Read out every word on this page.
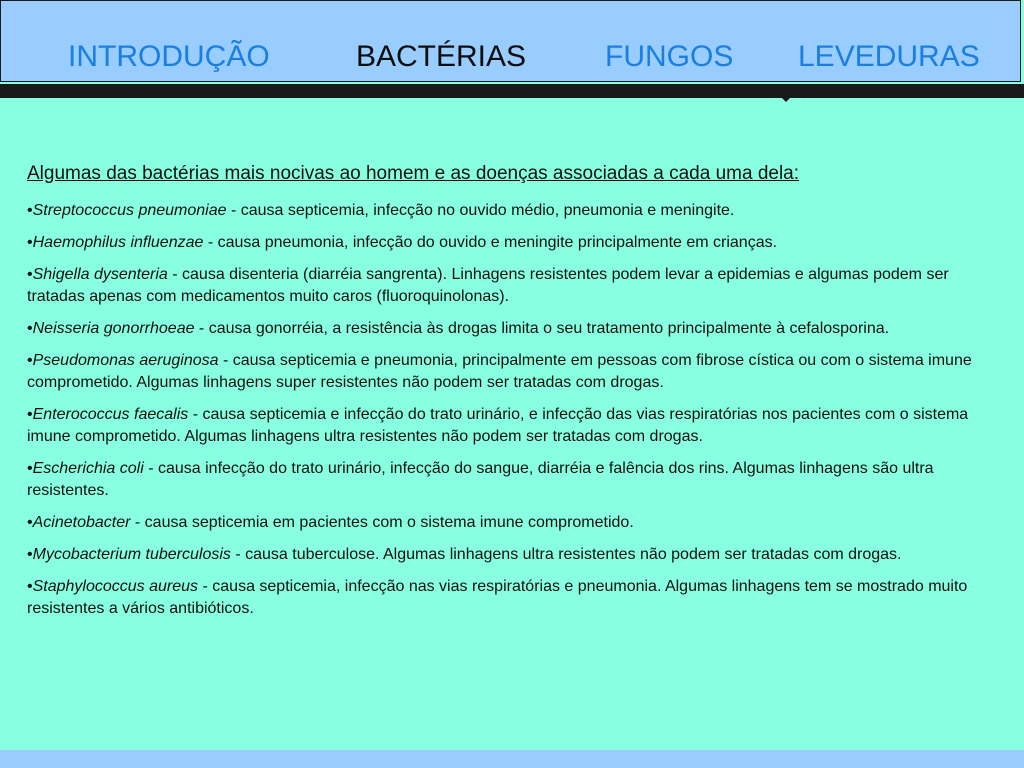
INTRODUÇÃO	BACTÉRIAS	FUNGOS LEVEDURAS

Algumas das bactérias mais nocivas ao homem e as doenças associadas a cada uma dela:

•Streptococcus pneumoniae - causa septicemia, infecção no ouvido médio, pneumonia e meningite.

•Haemophilus influenzae - causa pneumonia, infecção do ouvido e meningite principalmente em crianças.

•Shigella dysenteria - causa disenteria (diarréia sangrenta). Linhagens resistentes podem levar a epidemias e algumas podem ser tratadas apenas com medicamentos muito caros (fluoroquinolonas).

•Neisseria gonorrhoeae - causa gonorréia, a resistência às drogas limita o seu tratamento principalmente à cefalosporina.

•Pseudomonas aeruginosa - causa septicemia e pneumonia, principalmente em pessoas com fibrose cística ou com o sistema imune comprometido. Algumas linhagens super resistentes não podem ser tratadas com drogas.

•Enterococcus faecalis - causa septicemia e infecção do trato urinário, e infecção das vias respiratórias nos pacientes com o sistema imune comprometido. Algumas linhagens ultra resistentes não podem ser tratadas com drogas.

•Escherichia coli - causa infecção do trato urinário, infecção do sangue, diarréia e falência dos rins. Algumas linhagens são ultra resistentes.

•Acinetobacter - causa septicemia em pacientes com o sistema imune comprometido.

•Mycobacterium tuberculosis - causa tuberculose. Algumas linhagens ultra resistentes não podem ser tratadas com drogas.

•Staphylococcus aureus - causa septicemia, infecção nas vias respiratórias e pneumonia. Algumas linhagens tem se mostrado muito resistentes a vários antibióticos.
